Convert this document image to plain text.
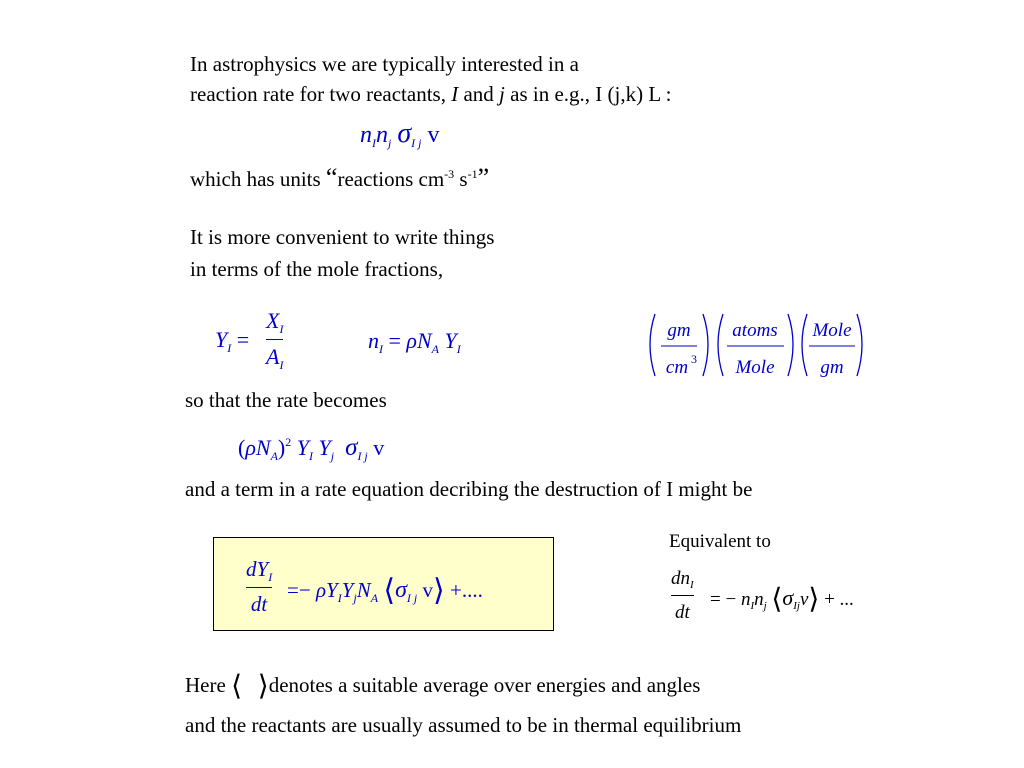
In astrophysics we are typically interested in a
reaction rate for two reactants, I and j as in e.g., I (j,k) L :
$n_In_j$ $\sigma_{I j}$ v
which has units “reactions $cm^{-3}$ $s^{-1}$”
It is more convenient to write things
in terms of the mole fractions,
$Y_I$ =
$X_I$
$A_I$
$n_I = \rho N_A$ $Y_I$
gm
cm 3
atoms
Mole
Mole
gm
so that the rate becomes
$(\rho N_A)^2$ $Y_I$ $Y_j$ $\sigma_{I j}$ v
and a term in a rate equation decribing the destruction of I might be
$dY_I$
dt
=− $\rho Y_IY_jN_A$ $⟨\sigma_{I j}$ v⟩ +....
Equivalent to
$dn_I$
dt
= − $n_In_j$ $⟨\sigma_{Ij}v⟩$ + ...
Here ⟨ ⟩denotes a suitable average over energies and angles
and the reactants are usually assumed to be in thermal equilibrium
